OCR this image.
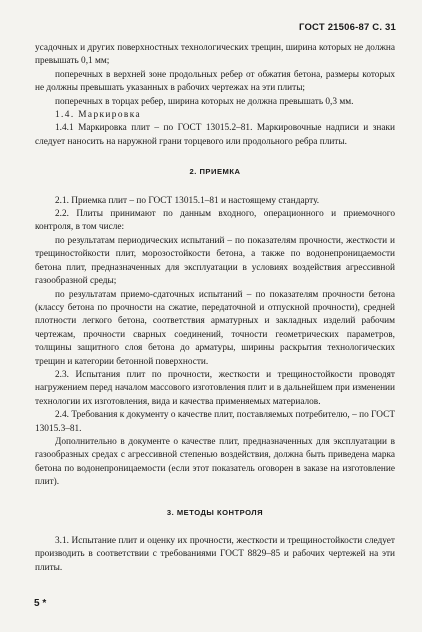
ГОСТ 21506-87 С. 31

усадочных и других поверхностных технологических трещин, ширина которых не должна превышать 0,1 мм;

поперечных в верхней зоне продольных ребер от обжатия бетона, размеры которых не должны превышать указанных в рабочих чертежах на эти плиты;

поперечных в торцах ребер, ширина которых не должна превышать 0,3 мм.

1.4. Маркировка

1.4.1 Маркировка плит – по ГОСТ 13015.2–81. Маркировочные надписи и знаки следует наносить на наружной грани торцевого или продольного ребра плиты.

2. ПРИЕМКА

2.1. Приемка плит – по ГОСТ 13015.1–81 и настоящему стандарту.

2.2. Плиты принимают по данным входного, операционного и приемочного контроля, в том числе:

по результатам периодических испытаний – по показателям прочности, жесткости и трещиностойкости плит, морозостойкости бетона, а также по водонепроницаемости бетона плит, предназначенных для эксплуатации в условиях воздействия агрессивной газообразной среды;

по результатам приемо-сдаточных испытаний – по показателям прочности бетона (классу бетона по прочности на сжатие, передаточной и отпускной прочности), средней плотности легкого бетона, соответствия арматурных и закладных изделий рабочим чертежам, прочности сварных соединений, точности геометрических параметров, толщины защитного слоя бетона до арматуры, ширины раскрытия технологических трещин и категории бетонной поверхности.

2.3. Испытания плит по прочности, жесткости и трещиностойкости проводят нагружением перед началом массового изготовления плит и в дальнейшем при изменении технологии их изготовления, вида и качества применяемых материалов.

2.4. Требования к документу о качестве плит, поставляемых потребителю, – по ГОСТ 13015.3–81.

Дополнительно в документе о качестве плит, предназначенных для эксплуатации в газообразных средах с агрессивной степенью воздействия, должна быть приведена марка бетона по водонепроницаемости (если этот показатель оговорен в заказе на изготовление плит).

3. МЕТОДЫ КОНТРОЛЯ

3.1. Испытание плит и оценку их прочности, жесткости и трещиностойкости следует производить в соответствии с требованиями ГОСТ 8829–85 и рабочих чертежей на эти плиты.

5 *
